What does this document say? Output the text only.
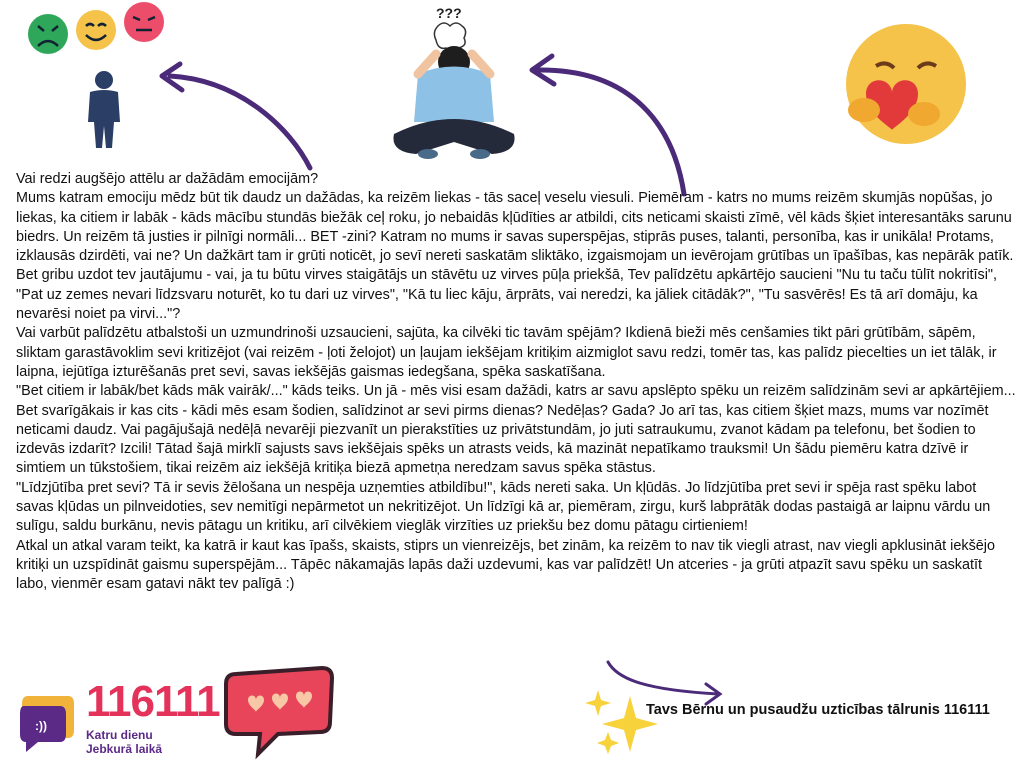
???

Vai redzi augšējo attēlu ar dažādām emocijām?

Mums katram emociju mēdz būt tik daudz un dažādas, ka reizēm liekas - tās saceļ veselu viesuli. Piemēram - katrs no mums reizēm skumjās nopūšas, jo liekas, ka citiem ir labāk - kāds mācību stundās biežāk ceļ roku, jo nebaidās kļūdīties ar atbildi, cits neticami skaisti zīmē, vēl kāds šķiet interesantāks sarunu biedrs. Un reizēm tā justies ir pilnīgi normāli... BET -zini? Katram no mums ir savas superspējas, stiprās puses, talanti, personība, kas ir unikāla! Protams, izklausās dzirdēti, vai ne? Un dažkārt tam ir grūti noticēt, jo sevī nereti saskatām sliktāko, izgaismojam un ievērojam grūtības un īpašības, kas nepārāk patīk. Bet gribu uzdot tev jautājumu - vai, ja tu būtu virves staigātājs un stāvētu uz virves pūļa priekšā, Tev palīdzētu apkārtējo saucieni "Nu tu taču tūlīt nokritīsi", "Pat uz zemes nevari līdzsvaru noturēt, ko tu dari uz virves", "Kā tu liec kāju, ārprāts, vai neredzi, ka jāliek citādāk?", "Tu sasvērēs! Es tā arī domāju, ka nevarēsi noiet pa virvi..."?

Vai varbūt palīdzētu atbalstoši un uzmundrinoši uzsaucieni, sajūta, ka cilvēki tic tavām spējām? Ikdienā bieži mēs cenšamies tikt pāri grūtībām, sāpēm, sliktam garastāvoklim sevi kritizējot (vai reizēm - ļoti želojot) un ļaujam iekšējam kritiķim aizmiglot savu redzi, tomēr tas, kas palīdz piecelties un iet tālāk, ir laipna, iejūtīga izturēšanās pret sevi, savas iekšējās gaismas iedegšana, spēka saskatīšana.

"Bet citiem ir labāk/bet kāds māk vairāk/..." kāds teiks. Un jā - mēs visi esam dažādi, katrs ar savu apslēpto spēku un reizēm salīdzinām sevi ar apkārtējiem... Bet svarīgākais ir kas cits - kādi mēs esam šodien, salīdzinot ar sevi pirms dienas? Nedēļas? Gada? Jo arī tas, kas citiem šķiet mazs, mums var nozīmēt neticami daudz. Vai pagājušajā nedēļā nevarēji piezvanīt un pierakstīties uz privātstundām, jo juti satraukumu, zvanot kādam pa telefonu, bet šodien to izdevās izdarīt? Izcili! Tātad šajā mirklī sajusts savs iekšējais spēks un atrasts veids, kā mazināt nepatīkamo trauksmi! Un šādu piemēru katra dzīvē ir simtiem un tūkstošiem, tikai reizēm aiz iekšējā kritiķa biezā apmetņa neredzam savus spēka stāstus.

"Līdzjūtība pret sevi? Tā ir sevis žēlošana un nespēja uzņemties atbildību!", kāds nereti saka. Un kļūdās. Jo līdzjūtība pret sevi ir spēja rast spēku labot savas kļūdas un pilnveidoties, sev nemitīgi nepārmetot un nekritizējot. Un līdzīgi kā ar, piemēram, zirgu, kurš labprātāk dodas pastaigā ar laipnu vārdu un sulīgu, saldu burkānu, nevis pātagu un kritiku, arī cilvēkiem vieglāk virzīties uz priekšu bez domu pātagu cirtieniem!

Atkal un atkal varam teikt, ka katrā ir kaut kas īpašs, skaists, stiprs un vienreizējs, bet zinām, ka reizēm to nav tik viegli atrast, nav viegli apklusināt iekšējo kritiķi un uzspīdināt gaismu superspējām... Tāpēc nākamajās lapās daži uzdevumi, kas var palīdzēt! Un atceries - ja grūti atpazīt savu spēku un saskatīt labo, vienmēr esam gatavi nākt tev palīgā :)

:)) 116111
Katru dienu
Jebkurā laikā
Tavs Bērnu un pusaudžu uzticības tālrunis 116111
